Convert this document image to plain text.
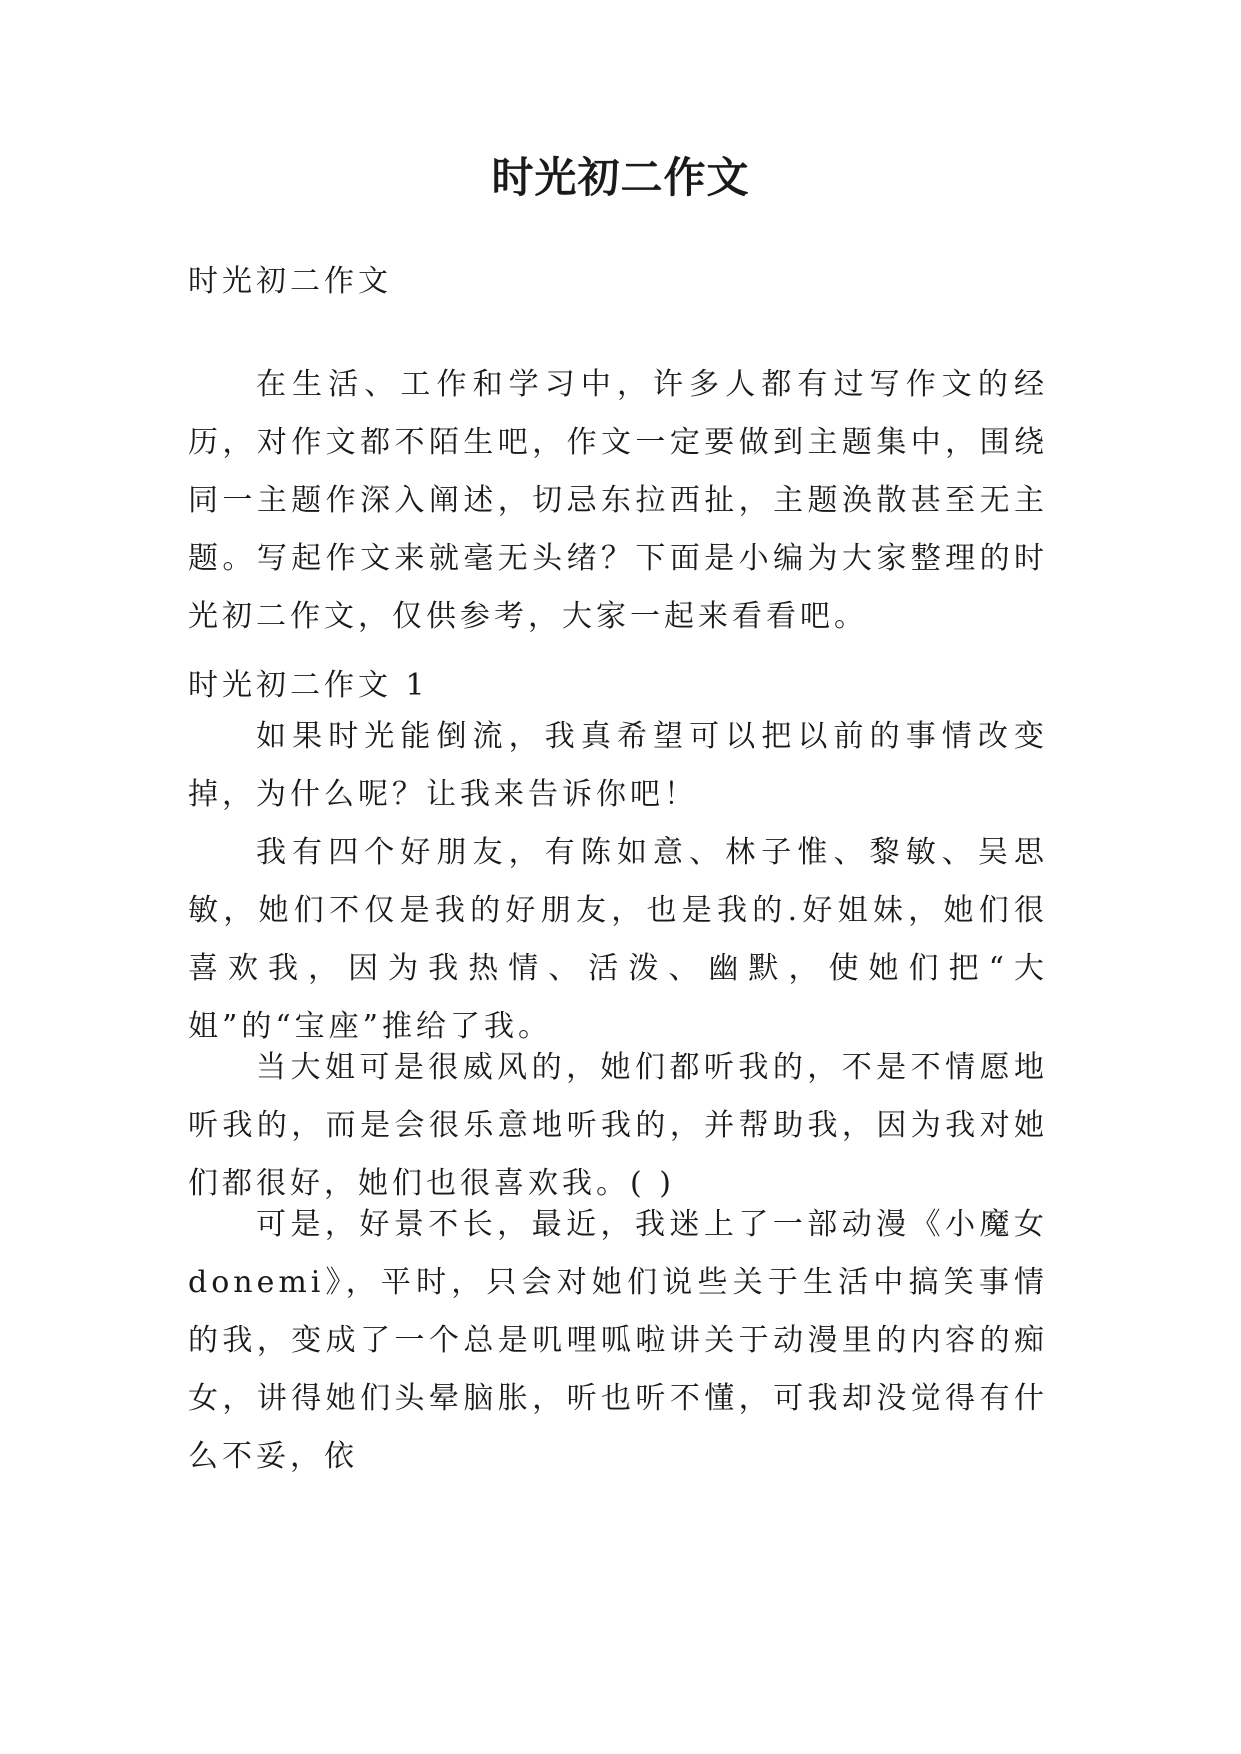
时光初二作文

时光初二作文

在生活、工作和学习中，许多人都有过写作文的经历，对作文都不陌生吧，作文一定要做到主题集中，围绕同一主题作深入阐述，切忌东拉西扯，主题涣散甚至无主题。写起作文来就毫无头绪？下面是小编为大家整理的时光初二作文，仅供参考，大家一起来看看吧。

时光初二作文 1

如果时光能倒流，我真希望可以把以前的事情改变掉，为什么呢？让我来告诉你吧！

我有四个好朋友，有陈如意、林子惟、黎敏、吴思敏，她们不仅是我的好朋友，也是我的.好姐妹，她们很喜欢我，因为我热情、活泼、幽默，使她们把“大姐”的“宝座”推给了我。

当大姐可是很威风的，她们都听我的，不是不情愿地听我的，而是会很乐意地听我的，并帮助我，因为我对她们都很好，她们也很喜欢我。( )

可是，好景不长，最近，我迷上了一部动漫《小魔女donemi》，平时，只会对她们说些关于生活中搞笑事情的我，变成了一个总是叽哩呱啦讲关于动漫里的内容的痴女，讲得她们头晕脑胀，听也听不懂，可我却没觉得有什么不妥，依
